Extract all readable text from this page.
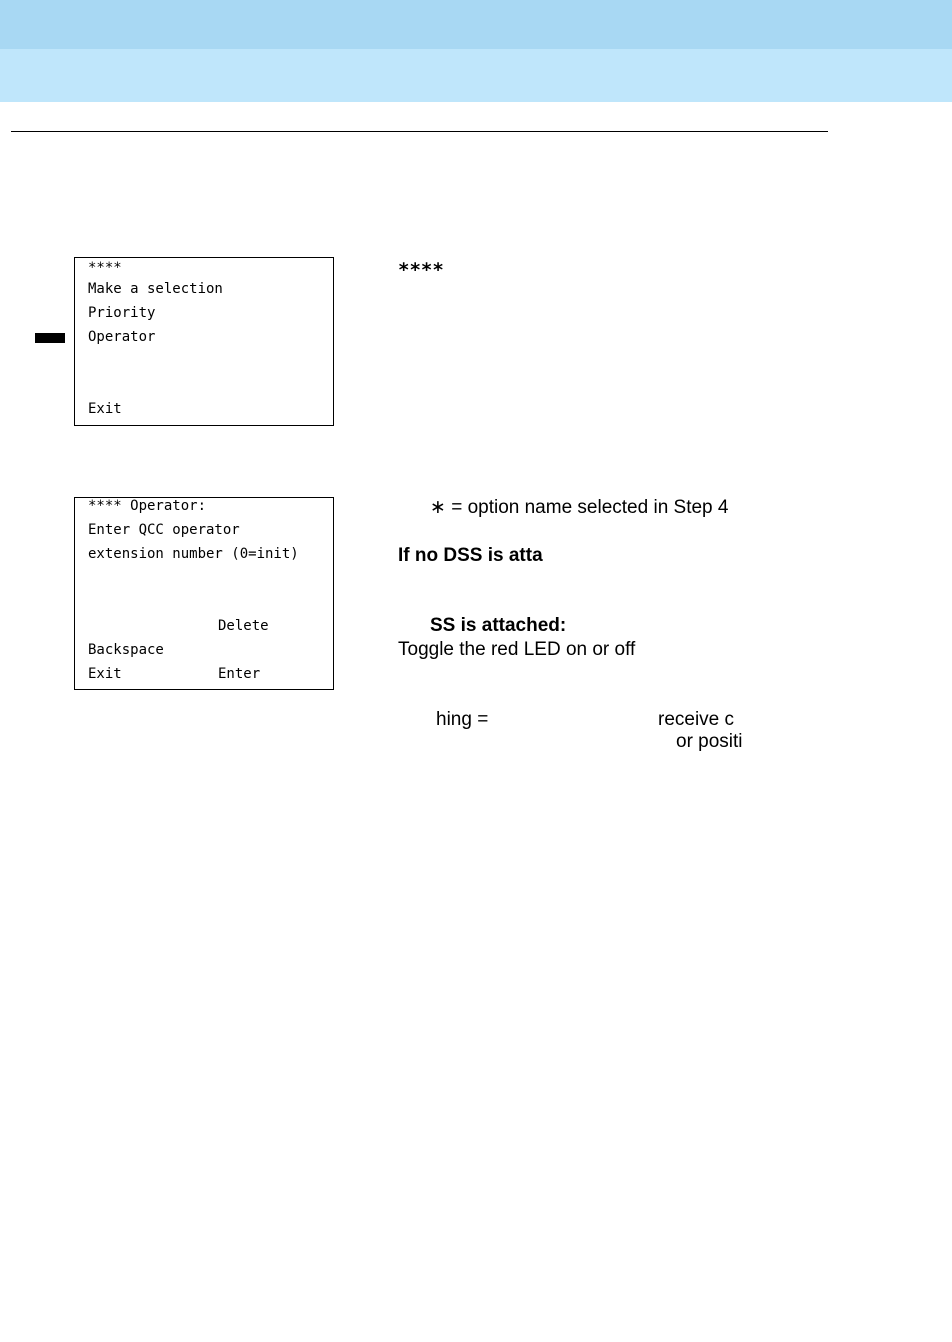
****
Make a selection
Priority
Operator
Exit
**** Operator:
Enter QCC operator
extension number (0=init)
Delete
Backspace
Exit	Enter
****
∗ = option name selected in Step 4
If no DSS is atta
SS is attached:
Toggle the red LED on or off
hing =	receive c
or positi
